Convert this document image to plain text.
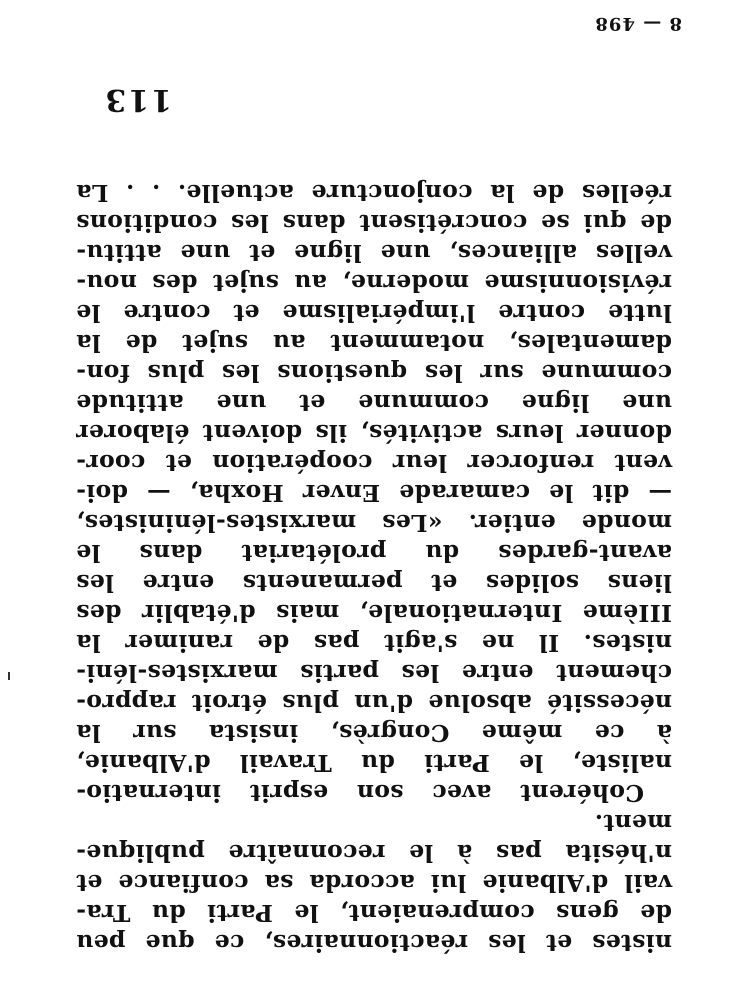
nistes et les réactionnaires, ce que peu
de gens comprenaient, le Parti du Tra-
vail d'Albanie lui accorda sa confiance et
n'hésita pas à le reconnaître publique-
ment.
Cohérent avec son esprit internatio-
naliste, le Parti du Travail d'Albanie,
à ce même Congrès, insista sur la
nécessité absolue d'un plus étroit rappro-
chement entre les partis marxistes-léni-
nistes. Il ne s'agit pas de ranimer la
IIIème Internationale, mais d'établir des
liens solides et permanents entre les
avant-gardes du prolétariat dans le
monde entier. «Les marxistes-léninistes,
— dit le camarade Enver Hoxha, — doi-
vent renforcer leur coopération et coor-
donner leurs activités, ils doivent élaborer
une ligne commune et une attitude
commune sur les questions les plus fon-
damentales, notamment au sujet de la
lutte contre l'impérialisme et contre le
révisionnisme moderne, au sujet des nou-
velles alliances, une ligne et une attitu-
de qui se concrétisent dans les conditions
réelles de la conjoncture actuelle. . . La
113
8 — 498
